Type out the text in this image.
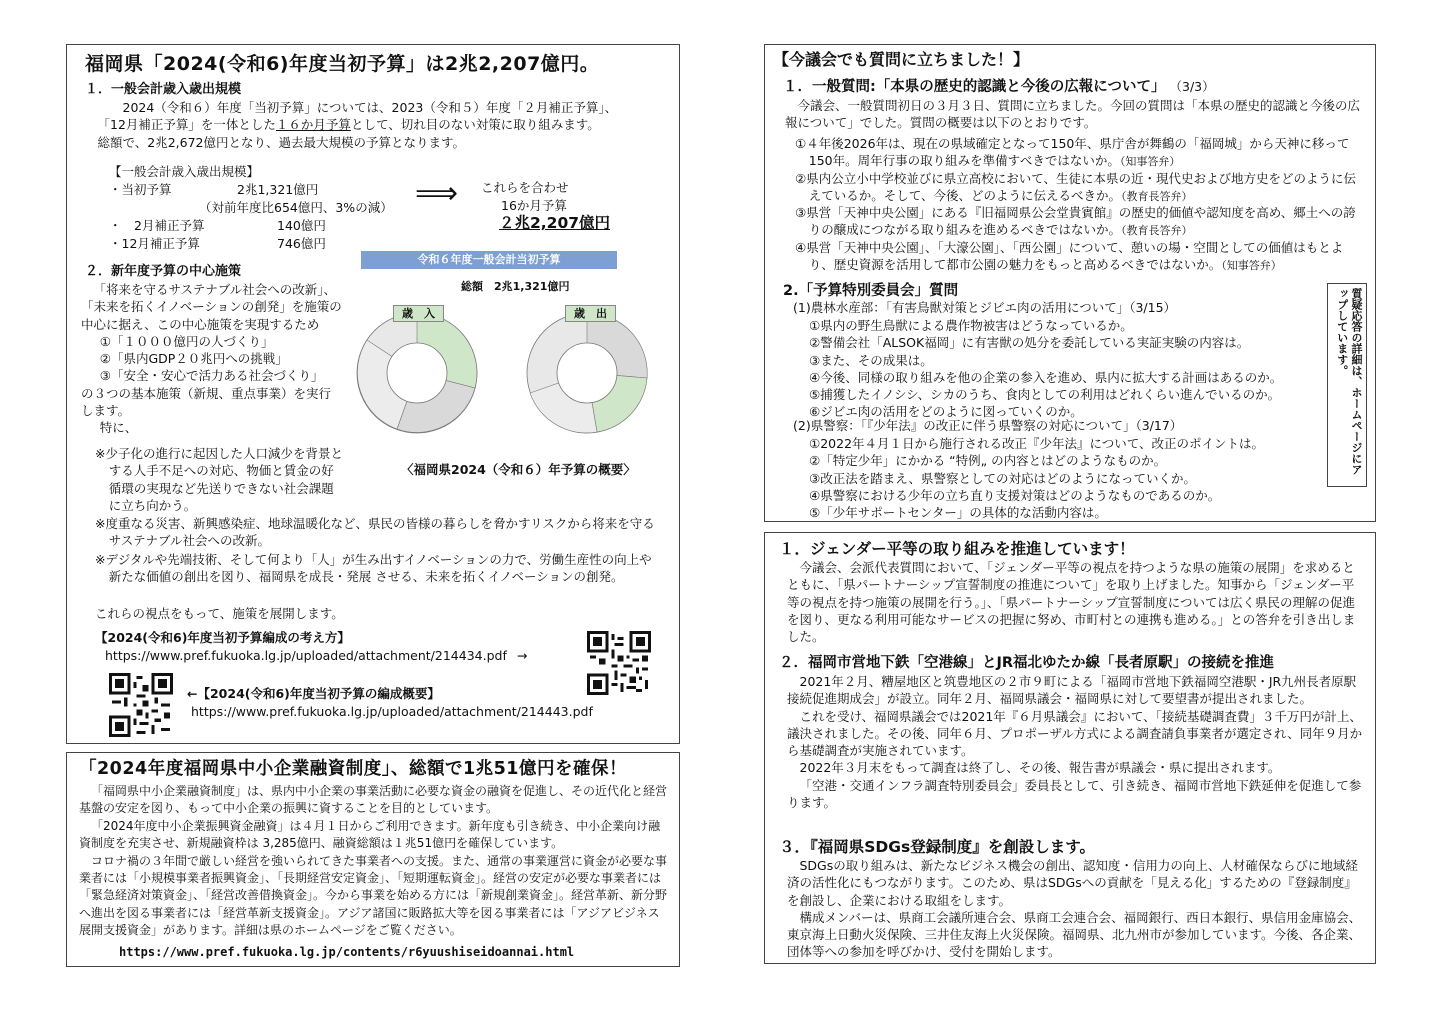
福岡県「2024(令和6)年度当初予算」は2兆2,207億円。
１．一般会計歳入歳出規模
2024（令和６）年度「当初予算」については、2023（令和５）年度「２月補正予算」、
「12月補正予算」を一体とした１６か月予算として、切れ目のない対策に取り組みます。
総額で、2兆2,672億円となり、過去最大規模の予算となります。
【一般会計歳入歳出規模】
・当初予算	2兆1,321億円
（対前年度比654億円、3%の減）
・　2月補正予算	140億円
・12月補正予算	746億円
⟹ これらを合わせ
16か月予算
２兆2,207億円
２．新年度予算の中心施策
「将来を守るサステナブル社会への改新」、「未来を拓くイノベーションの創発」を施策の中心に据え、この中心施策を実現するため
①「１０００億円の人づくり」
②「県内GDP２０兆円への挑戦」
③「安全・安心で活力ある社会づくり」
の３つの基本施策（新規、重点事業）を実行します。
特に、
※少子化の進行に起因した人口減少を背景とする人手不足への対応、物価と賃金の好循環の実現など先送りできない社会課題に立ち向かう。
※度重なる災害、新興感染症、地球温暖化など、県民の皆様の暮らしを脅かすリスクから将来を守るサステナブル社会への改新。
※デジタルや先端技術、そして何より「人」が生み出すイノベーションの力で、労働生産性の向上や新たな価値の創出を図り、福岡県を成長・発展 させる、未来を拓くイノベーションの創発。
これらの視点をもって、施策を展開します。
令和６年度一般会計当初予算
総額　2兆1,321億円
歳　入	歳　出
〈福岡県2024（令和６）年予算の概要〉
【2024(令和6)年度当初予算編成の考え方】
https://www.pref.fukuoka.lg.jp/uploaded/attachment/214434.pdf →
←【2024(令和6)年度当初予算の編成概要】
https://www.pref.fukuoka.lg.jp/uploaded/attachment/214443.pdf
「2024年度福岡県中小企業融資制度」、総額で1兆51億円を確保！
「福岡県中小企業融資制度」は、県内中小企業の事業活動に必要な資金の融資を促進し、その近代化と経営基盤の安定を図り、もって中小企業の振興に資することを目的としています。
「2024年度中小企業振興資金融資」は４月１日からご利用できます。新年度も引き続き、中小企業向け融資制度を充実させ、新規融資枠は 3,285億円、融資総額は１兆51億円を確保しています。
コロナ禍の３年間で厳しい経営を強いられてきた事業者への支援。また、通常の事業運営に資金が必要な事業者には「小規模事業者振興資金」、「長期経営安定資金」、「短期運転資金」。経営の安定が必要な事業者には「緊急経済対策資金」、「経営改善借換資金」。今から事業を始める方には「新規創業資金」。経営革新、新分野へ進出を図る事業者には「経営革新支援資金」。アジア諸国に販路拡大等を図る事業者には「アジアビジネス展開支援資金」があります。詳細は県のホームページをご覧ください。
https://www.pref.fukuoka.lg.jp/contents/r6yuushiseidoannai.html
【今議会でも質問に立ちました！】
１．一般質問:「本県の歴史的認識と今後の広報について」 （3/3）
今議会、一般質問初日の３月３日、質問に立ちました。今回の質問は「本県の歴史的認識と今後の広報について」でした。質問の概要は以下のとおりです。
①４年後2026年は、現在の県域確定となって150年、県庁舎が舞鶴の「福岡城」から天神に移って150年。周年行事の取り組みを準備すべきではないか。（知事答弁）
②県内公立小中学校並びに県立高校において、生徒に本県の近・現代史および地方史をどのように伝えているか。そして、今後、どのように伝えるべきか。（教育長答弁）
③県営「天神中央公園」にある『旧福岡県公会堂貴賓館』の歴史的価値や認知度を高め、郷土への誇りの醸成につながる取り組みを進めるべきではないか。（教育長答弁）
④県営「天神中央公園」、「大濠公園」、「西公園」について、憩いの場・空間としての価値はもとより、歴史資源を活用して都市公園の魅力をもっと高めるべきではないか。（知事答弁）
2.「予算特別委員会」質問
(1)農林水産部：「有害鳥獣対策とジビエ肉の活用について」（3/15）
①県内の野生鳥獣による農作物被害はどうなっているか。
②警備会社「ALSOK福岡」に有害獣の処分を委託している実証実験の内容は。
③また、その成果は。
④今後、同様の取り組みを他の企業の参入を進め、県内に拡大する計画はあるのか。
⑤捕獲したイノシシ、シカのうち、食肉としての利用はどれくらい進んでいるのか。
⑥ジビエ肉の活用をどのように図っていくのか。
(2)県警察：「『少年法』の改正に伴う県警察の対応について」（3/17）
①2022年４月１日から施行される改正『少年法』について、改正のポイントは。
②「特定少年」にかかる “特例„ の内容とはどのようなものか。
③改正法を踏まえ、県警察としての対応はどのようになっていくか。
④県警察における少年の立ち直り支援対策はどのようなものであるのか。
⑤「少年サポートセンター」の具体的な活動内容は。
質疑応答の詳細は、ホームページにアップしています。
１．ジェンダー平等の取り組みを推進しています！
今議会、会派代表質問において、「ジェンダー平等の視点を持つような県の施策の展開」を求めるとともに、「県パートナーシップ宣誓制度の推進について」を取り上げました。知事から「ジェンダー平等の視点を持つ施策の展開を行う。」、「県パートナーシップ宣誓制度については広く県民の理解の促進を図り、更なる利用可能なサービスの把握に努め、市町村との連携も進める。」との答弁を引き出しました。
２．福岡市営地下鉄「空港線」とJR福北ゆたか線「長者原駅」の接続を推進
2021年２月、糟屋地区と筑豊地区の２市９町による「福岡市営地下鉄福岡空港駅・JR九州長者原駅接続促進期成会」が設立。同年２月、福岡県議会・福岡県に対して要望書が提出されました。
これを受け、福岡県議会では2021年『６月県議会』において、「接続基礎調査費」３千万円が計上、議決されました。その後、同年６月、プロポーザル方式による調査請負事業者が選定され、同年９月から基礎調査が実施されています。
2022年３月末をもって調査は終了し、その後、報告書が県議会・県に提出されます。
「空港・交通インフラ調査特別委員会」委員長として、引き続き、福岡市営地下鉄延伸を促進して参ります。
３．『福岡県SDGs登録制度』を創設します。
SDGsの取り組みは、新たなビジネス機会の創出、認知度・信用力の向上、人材確保ならびに地域経済の活性化にもつながります。このため、県はSDGsへの貢献を「見える化」するための『登録制度』を創設し、企業における取組をします。
構成メンバーは、県商工会議所連合会、県商工会連合会、福岡銀行、西日本銀行、県信用金庫協会、東京海上日動火災保険、三井住友海上火災保険。福岡県、北九州市が参加しています。今後、各企業、団体等への参加を呼びかけ、受付を開始します。
